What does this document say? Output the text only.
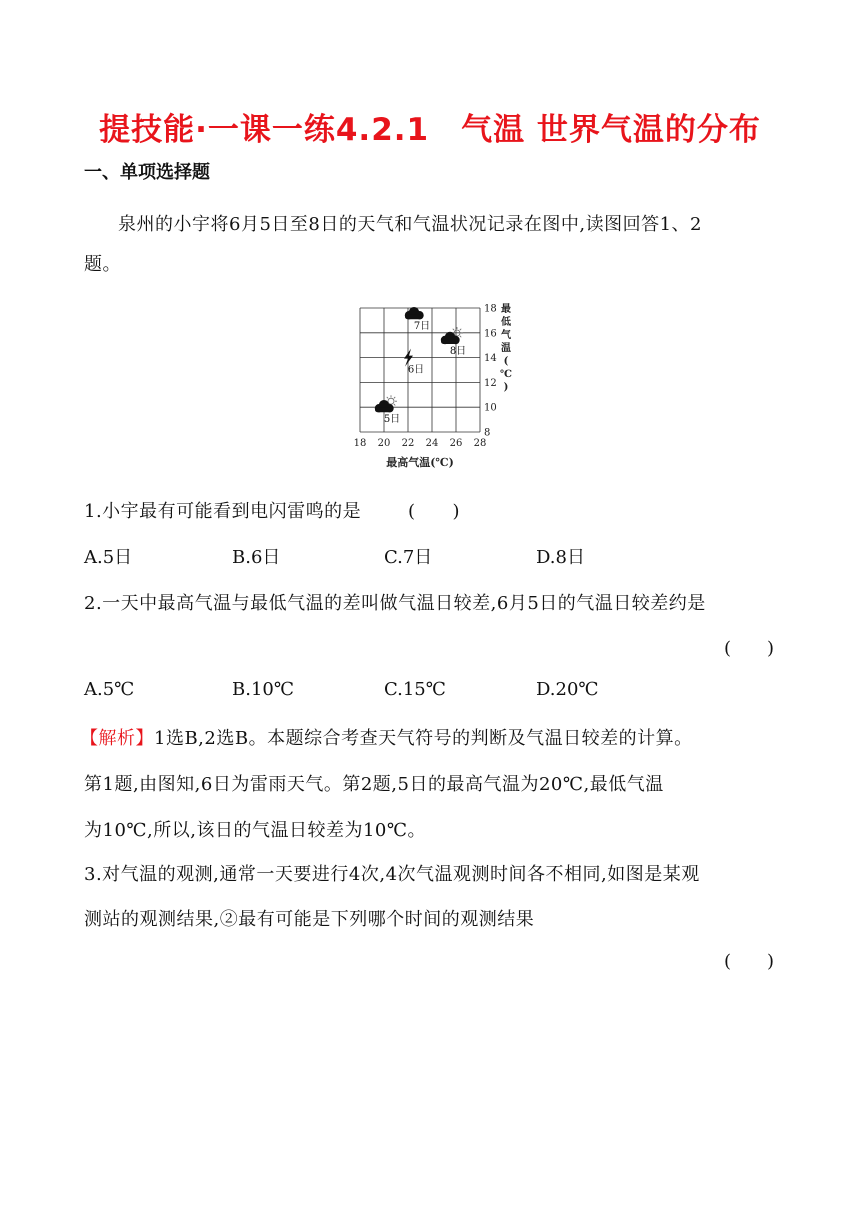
提技能·一课一练4.2.1　气温 世界气温的分布
一、单项选择题
泉州的小宇将6月5日至8日的天气和气温状况记录在图中,读图回答1、2
题。
18 20 22 24 26 28
8
10
12
14
16
18
5日
6日
7日
8日
最高气温(℃)
最
低
气
温
(
℃
)
1.小宇最有可能看到电闪雷鸣的是	(　　)
A.5日	B.6日	C.7日	D.8日
2.一天中最高气温与最低气温的差叫做气温日较差,6月5日的气温日较差约是
(　　)
A.5℃	B.10℃	C.15℃	D.20℃
【解析】1选B,2选B。本题综合考查天气符号的判断及气温日较差的计算。
第1题,由图知,6日为雷雨天气。第2题,5日的最高气温为20℃,最低气温
为10℃,所以,该日的气温日较差为10℃。
3.对气温的观测,通常一天要进行4次,4次气温观测时间各不相同,如图是某观
测站的观测结果,②最有可能是下列哪个时间的观测结果
(　　)
